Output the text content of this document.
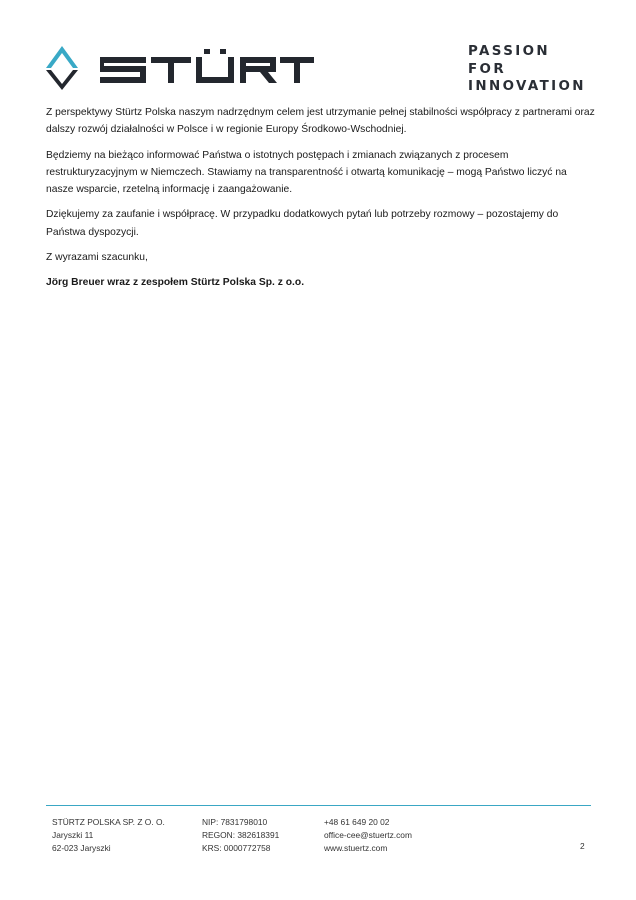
PASSION
FOR
INNOVATION

Z perspektywy Stürtz Polska naszym nadrzędnym celem jest utrzymanie pełnej stabilności współpracy z partnerami oraz dalszy rozwój działalności w Polsce i w regionie Europy Środkowo-Wschodniej.

Będziemy na bieżąco informować Państwa o istotnych postępach i zmianach związanych z procesem restrukturyzacyjnym w Niemczech. Stawiamy na transparentność i otwartą komunikację – mogą Państwo liczyć na nasze wsparcie, rzetelną informację i zaangażowanie.

Dziękujemy za zaufanie i współpracę. W przypadku dodatkowych pytań lub potrzeby rozmowy – pozostajemy do Państwa dyspozycji.

Z wyrazami szacunku,

Jörg Breuer wraz z zespołem Stürtz Polska Sp. z o.o.

STÜRTZ POLSKA SP. Z O. O.
Jaryszki 11
62-023 Jaryszki
NIP: 7831798010
REGON: 382618391
KRS: 0000772758
+48 61 649 20 02
office-cee@stuertz.com
www.stuertz.com	2
